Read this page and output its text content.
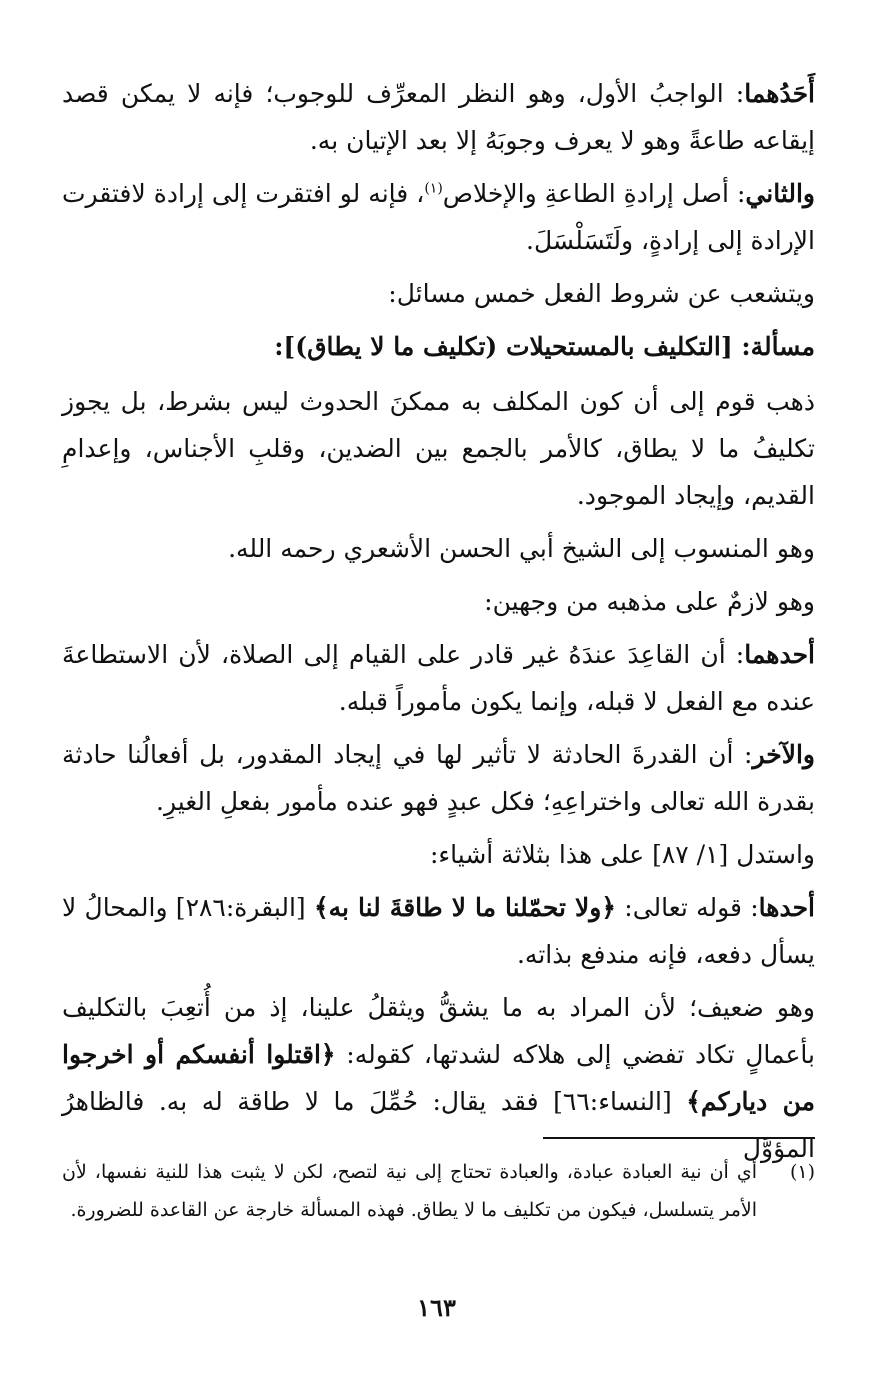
أَحَدُهما: الواجبُ الأول، وهو النظر المعرِّف للوجوب؛ فإنه لا يمكن قصد إيقاعه طاعةً وهو لا يعرف وجوبَهُ إلا بعد الإتيان به.

والثاني: أصل إرادةِ الطاعةِ والإخلاص$^{(١)}$، فإنه لو افتقرت إلى إرادة لافتقرت الإرادة إلى إرادةٍ، ولَتَسَلْسَلَ.

ويتشعب عن شروط الفعل خمس مسائل:

مسألة: [التكليف بالمستحيلات (تكليف ما لا يطاق)]:

ذهب قوم إلى أن كون المكلف به ممكنَ الحدوث ليس بشرط، بل يجوز تكليفُ ما لا يطاق، كالأمر بالجمع بين الضدين، وقلبِ الأجناس، وإعدامِ القديم، وإيجاد الموجود.

وهو المنسوب إلى الشيخ أبي الحسن الأشعري رحمه الله.

وهو لازمٌ على مذهبه من وجهين:

أحدهما: أن القاعِدَ عندَهُ غير قادر على القيام إلى الصلاة، لأن الاستطاعةَ عنده مع الفعل لا قبله، وإنما يكون مأموراً قبله.

والآخر: أن القدرةَ الحادثة لا تأثير لها في إيجاد المقدور، بل أفعالُنا حادثة بقدرة الله تعالى واختراعِهِ؛ فكل عبدٍ فهو عنده مأمور بفعلِ الغيرِ.

واستدل [١/ ٨٧] على هذا بثلاثة أشياء:

أحدها: قوله تعالى: ﴿ولا تحمّلنا ما لا طاقةَ لنا به﴾ [البقرة:٢٨٦] والمحالُ لا يسأل دفعه، فإنه مندفع بذاته.

وهو ضعيف؛ لأن المراد به ما يشقُّ ويثقلُ علينا، إذ من أُتعِبَ بالتكليف بأعمالٍ تكاد تفضي إلى هلاكه لشدتها، كقوله: ﴿اقتلوا أنفسكم أو اخرجوا من دياركم﴾ [النساء:٦٦] فقد يقال: حُمِّلَ ما لا طاقة له به. فالظاهرُ المؤوَّل

(١)
أي أن نية العبادة عبادة، والعبادة تحتاج إلى نية لتصح، لكن لا يثبت هذا للنية نفسها، لأن الأمر يتسلسل، فيكون من تكليف ما لا يطاق. فهذه المسألة خارجة عن القاعدة للضرورة.
١٦٣
